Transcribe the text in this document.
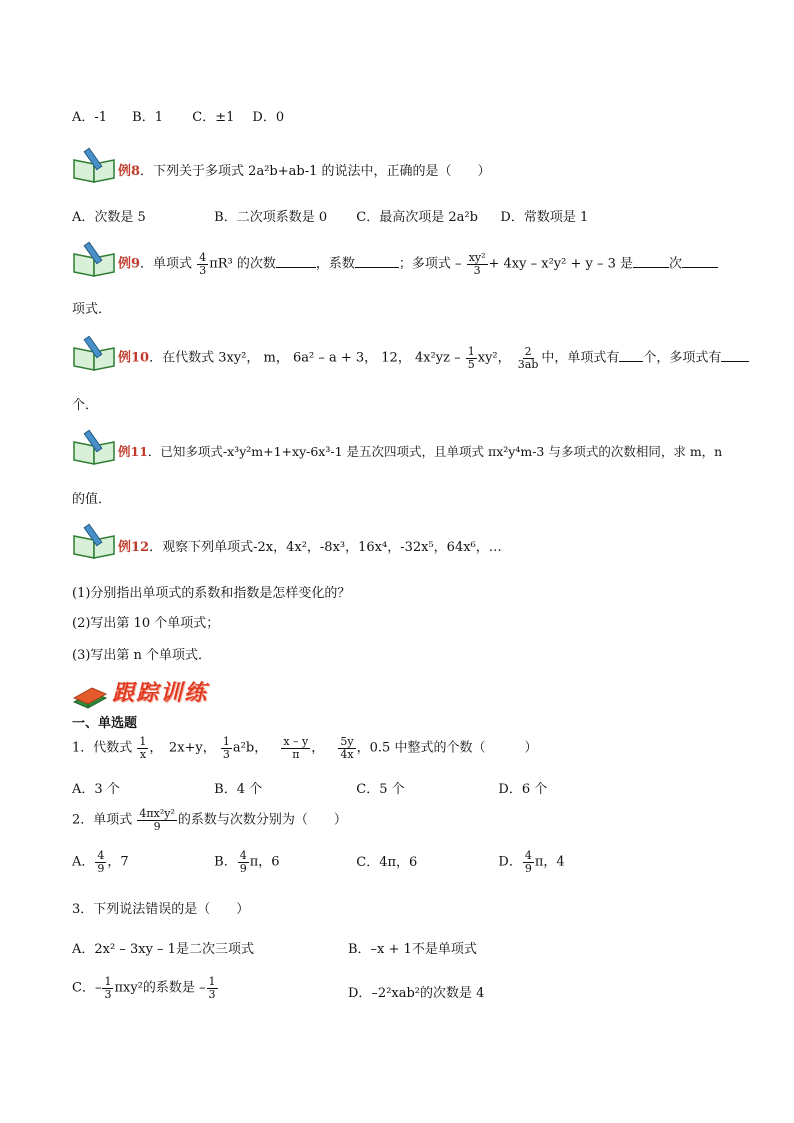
A．-1 B．1 C．±1 D．0
例8．下列关于多项式 2a²b+ab-1 的说法中，正确的是（　　）
A．次数是 5	B．二次项系数是 0 C．最高次项是 2a²b D．常数项是 1
例9．单项式 $\frac{4}{3} \pi R^3$ 的次数	，系数	；多项式 – $\frac{\text{xy²}}{3} + 4xy - x^2y^2 + y - 3$ 是	次
项式．
例10．在代数式 3xy²， m， 6a² – a + 3， 12， $4x^2yz - \frac{1}{5} xy^2$， $\frac{2}{3ab}$ 中，单项式有 个，多项式有
个．
例11．已知多项式-x³y²m+1+xy-6x³-1 是五次四项式，且单项式 πx²y⁴m-3 与多项式的次数相同，求 m，n
的值．
例12．观察下列单项式-2x，4x²，-8x³，16x⁴，-32x⁵，64x⁶，…
(1)分别指出单项式的系数和指数是怎样变化的？
(2)写出第 10 个单项式；
(3)写出第 n 个单项式．
跟踪训练
一、单选题
1．代数式 $\frac{1}{x}$ ，　2x+y， $\frac{1}{3} a^2b$， $\frac{x - y}{\pi}$ ， $\frac{5y}{4x}$ ，0.5 中整式的个数（　　　）
A．3 个	B．4 个	C．5 个	D．6 个
2．单项式 $\frac{\text{4πx²y²}}{9}$ 的系数与次数分别为（　　）
A． $\frac{4}{9}$ ，7	B． $\frac{4}{9}$ π，6	C．4π，6	D． $\frac{4}{9}$ π，4
3．下列说法错误的是（　　）
A．2x² – 3xy – 1是二次三项式	B．–x + 1不是单项式
C．– $\frac{1}{3} \pi xy^2$的系数是 – $\frac{1}{3}$	D．–2²xab²的次数是 4
